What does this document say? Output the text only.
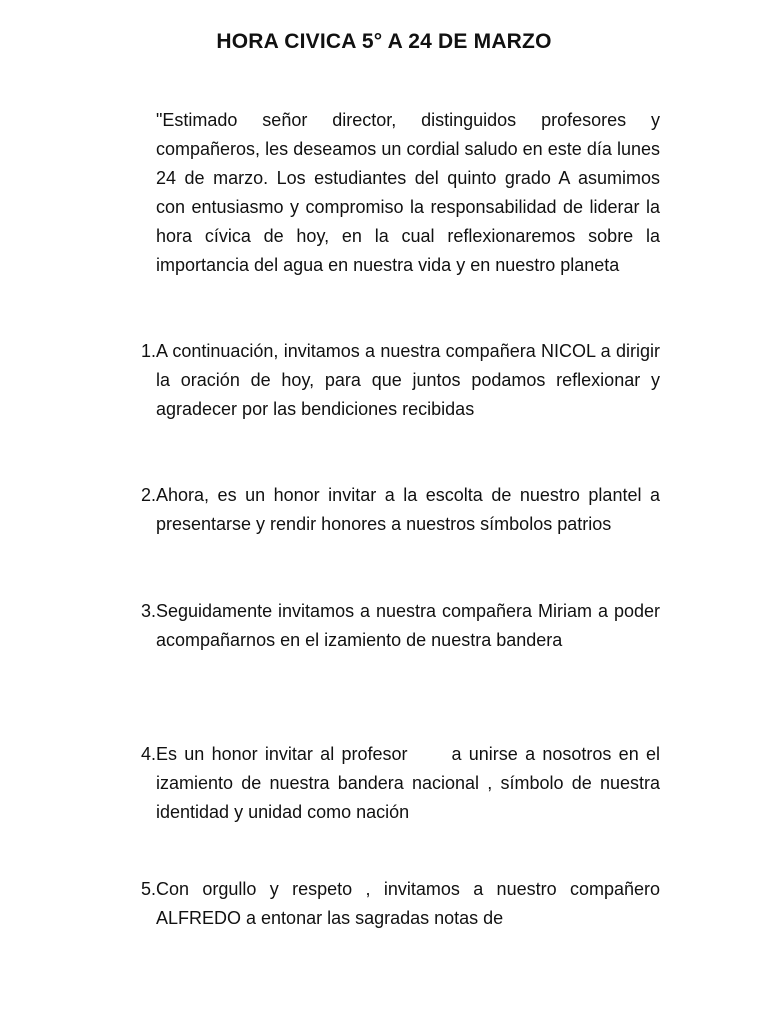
HORA CIVICA 5° A 24 DE MARZO
"Estimado señor director, distinguidos profesores y compañeros, les deseamos un cordial saludo en este día lunes 24 de marzo. Los estudiantes del quinto grado A asumimos con entusiasmo y compromiso la responsabilidad de liderar la hora cívica de hoy, en la cual reflexionaremos sobre la importancia del agua en nuestra vida y en nuestro planeta
1. A continuación, invitamos a nuestra compañera NICOL a dirigir la oración de hoy, para que juntos podamos reflexionar y agradecer por las bendiciones recibidas
2. Ahora, es un honor invitar a la escolta de nuestro plantel a presentarse y rendir honores a nuestros símbolos patrios
3. Seguidamente invitamos a nuestra compañera Miriam a poder acompañarnos en el izamiento de nuestra bandera
4. Es un honor invitar al profesor a unirse a nosotros en el izamiento de nuestra bandera nacional , símbolo de nuestra identidad y unidad como nación
5. Con orgullo y respeto , invitamos a nuestro compañero ALFREDO a entonar las sagradas notas de
